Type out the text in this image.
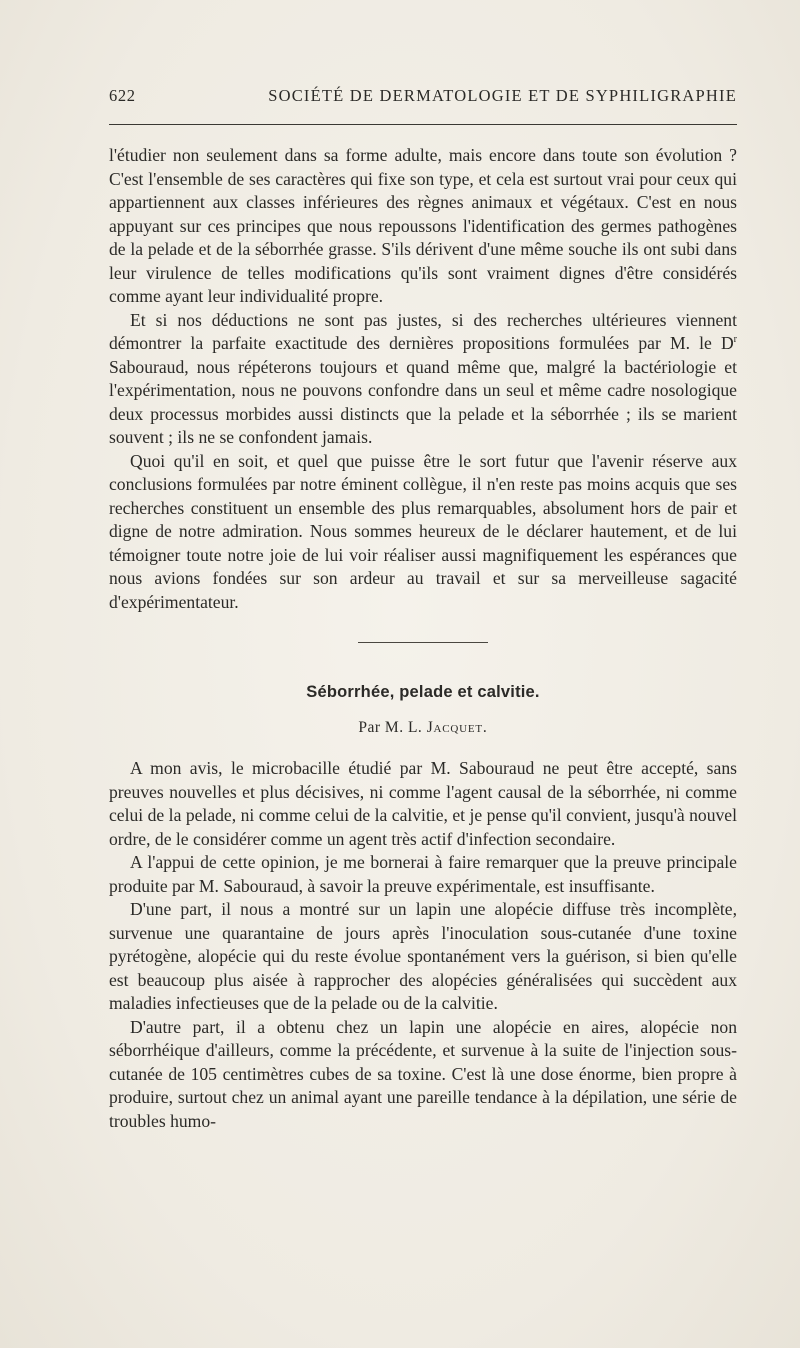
622	SOCIÉTÉ DE DERMATOLOGIE ET DE SYPHILIGRAPHIE

l'étudier non seulement dans sa forme adulte, mais encore dans toute son évolution ? C'est l'ensemble de ses caractères qui fixe son type, et cela est surtout vrai pour ceux qui appartiennent aux classes inférieures des règnes animaux et végétaux. C'est en nous appuyant sur ces principes que nous repoussons l'identification des germes pathogènes de la pelade et de la séborrhée grasse. S'ils dérivent d'une même souche ils ont subi dans leur virulence de telles modifications qu'ils sont vraiment dignes d'être considérés comme ayant leur individualité propre.

Et si nos déductions ne sont pas justes, si des recherches ultérieures viennent démontrer la parfaite exactitude des dernières propositions formulées par M. le $D^r$ Sabouraud, nous répéterons toujours et quand même que, malgré la bactériologie et l'expérimentation, nous ne pouvons confondre dans un seul et même cadre nosologique deux processus morbides aussi distincts que la pelade et la séborrhée ; ils se marient souvent ; ils ne se confondent jamais.

Quoi qu'il en soit, et quel que puisse être le sort futur que l'avenir réserve aux conclusions formulées par notre éminent collègue, il n'en reste pas moins acquis que ses recherches constituent un ensemble des plus remarquables, absolument hors de pair et digne de notre admiration. Nous sommes heureux de le déclarer hautement, et de lui témoigner toute notre joie de lui voir réaliser aussi magnifiquement les espérances que nous avions fondées sur son ardeur au travail et sur sa merveilleuse sagacité d'expérimentateur.

Séborrhée, pelade et calvitie.
Par M. L. Jacquet.

A mon avis, le microbacille étudié par M. Sabouraud ne peut être accepté, sans preuves nouvelles et plus décisives, ni comme l'agent causal de la séborrhée, ni comme celui de la pelade, ni comme celui de la calvitie, et je pense qu'il convient, jusqu'à nouvel ordre, de le considérer comme un agent très actif d'infection secondaire.

A l'appui de cette opinion, je me bornerai à faire remarquer que la preuve principale produite par M. Sabouraud, à savoir la preuve expérimentale, est insuffisante.

D'une part, il nous a montré sur un lapin une alopécie diffuse très incomplète, survenue une quarantaine de jours après l'inoculation sous-cutanée d'une toxine pyrétogène, alopécie qui du reste évolue spontanément vers la guérison, si bien qu'elle est beaucoup plus aisée à rapprocher des alopécies généralisées qui succèdent aux maladies infectieuses que de la pelade ou de la calvitie.

D'autre part, il a obtenu chez un lapin une alopécie en aires, alopécie non séborrhéique d'ailleurs, comme la précédente, et survenue à la suite de l'injection sous-cutanée de 105 centimètres cubes de sa toxine. C'est là une dose énorme, bien propre à produire, surtout chez un animal ayant une pareille tendance à la dépilation, une série de troubles humo-
